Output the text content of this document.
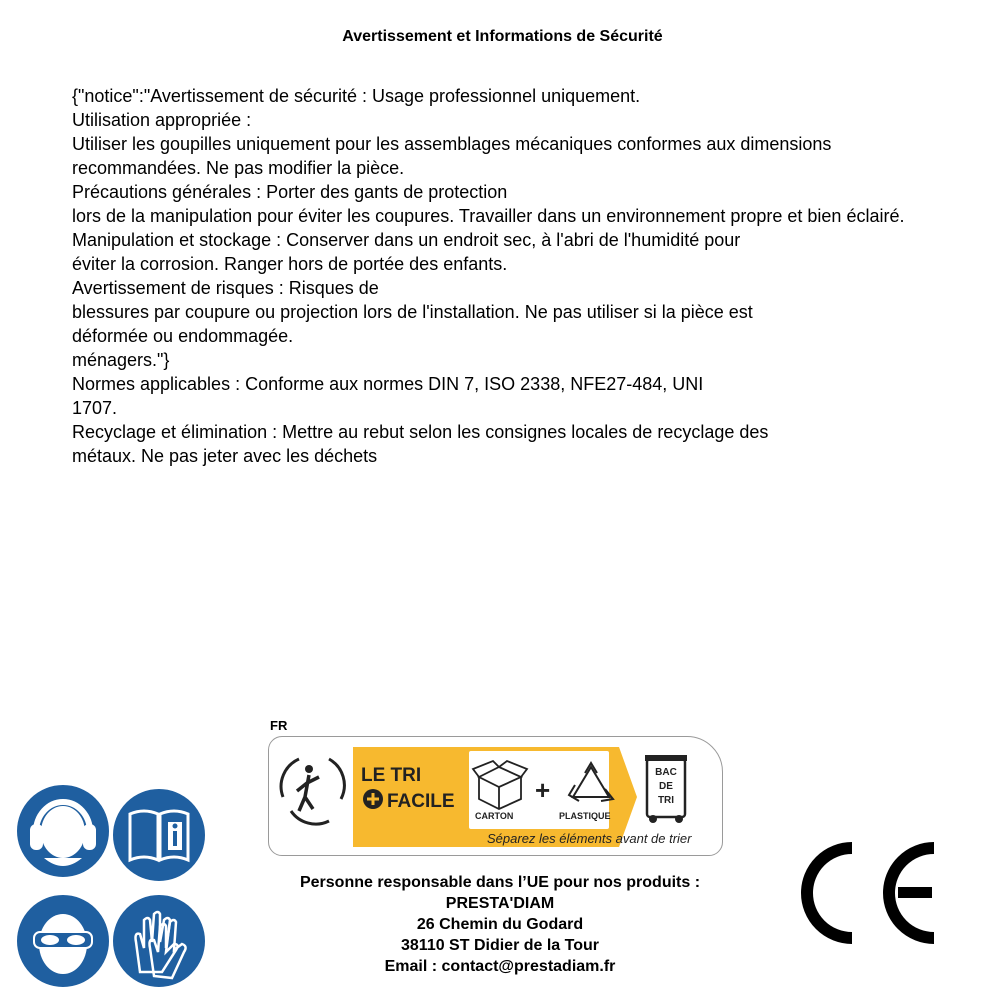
Avertissement et Informations de Sécurité
{"notice":"Avertissement de sécurité : Usage professionnel uniquement.
Utilisation appropriée :
Utiliser les goupilles uniquement pour les assemblages mécaniques conformes aux dimensions recommandées. Ne pas modifier la pièce.
Précautions générales : Porter des gants de protection
lors de la manipulation pour éviter les coupures. Travailler dans un environnement propre et bien éclairé.
Manipulation et stockage : Conserver dans un endroit sec, à l'abri de l'humidité pour
éviter la corrosion. Ranger hors de portée des enfants.
Avertissement de risques : Risques de
blessures par coupure ou projection lors de l'installation. Ne pas utiliser si la pièce est
déformée ou endommagée.
ménagers."}
Normes applicables : Conforme aux normes DIN 7, ISO 2338, NFE27-484, UNI
1707.
Recyclage et élimination : Mettre au rebut selon les consignes locales de recyclage des
métaux. Ne pas jeter avec les déchets
FR
LE TRI
FACILE
CARTON
+
PLASTIQUE
BAC
DE
TRI
Séparez les éléments avant de trier
Personne responsable dans l’UE pour nos produits :
PRESTA'DIAM
26 Chemin du Godard
38110 ST Didier de la Tour
Email : contact@prestadiam.fr
